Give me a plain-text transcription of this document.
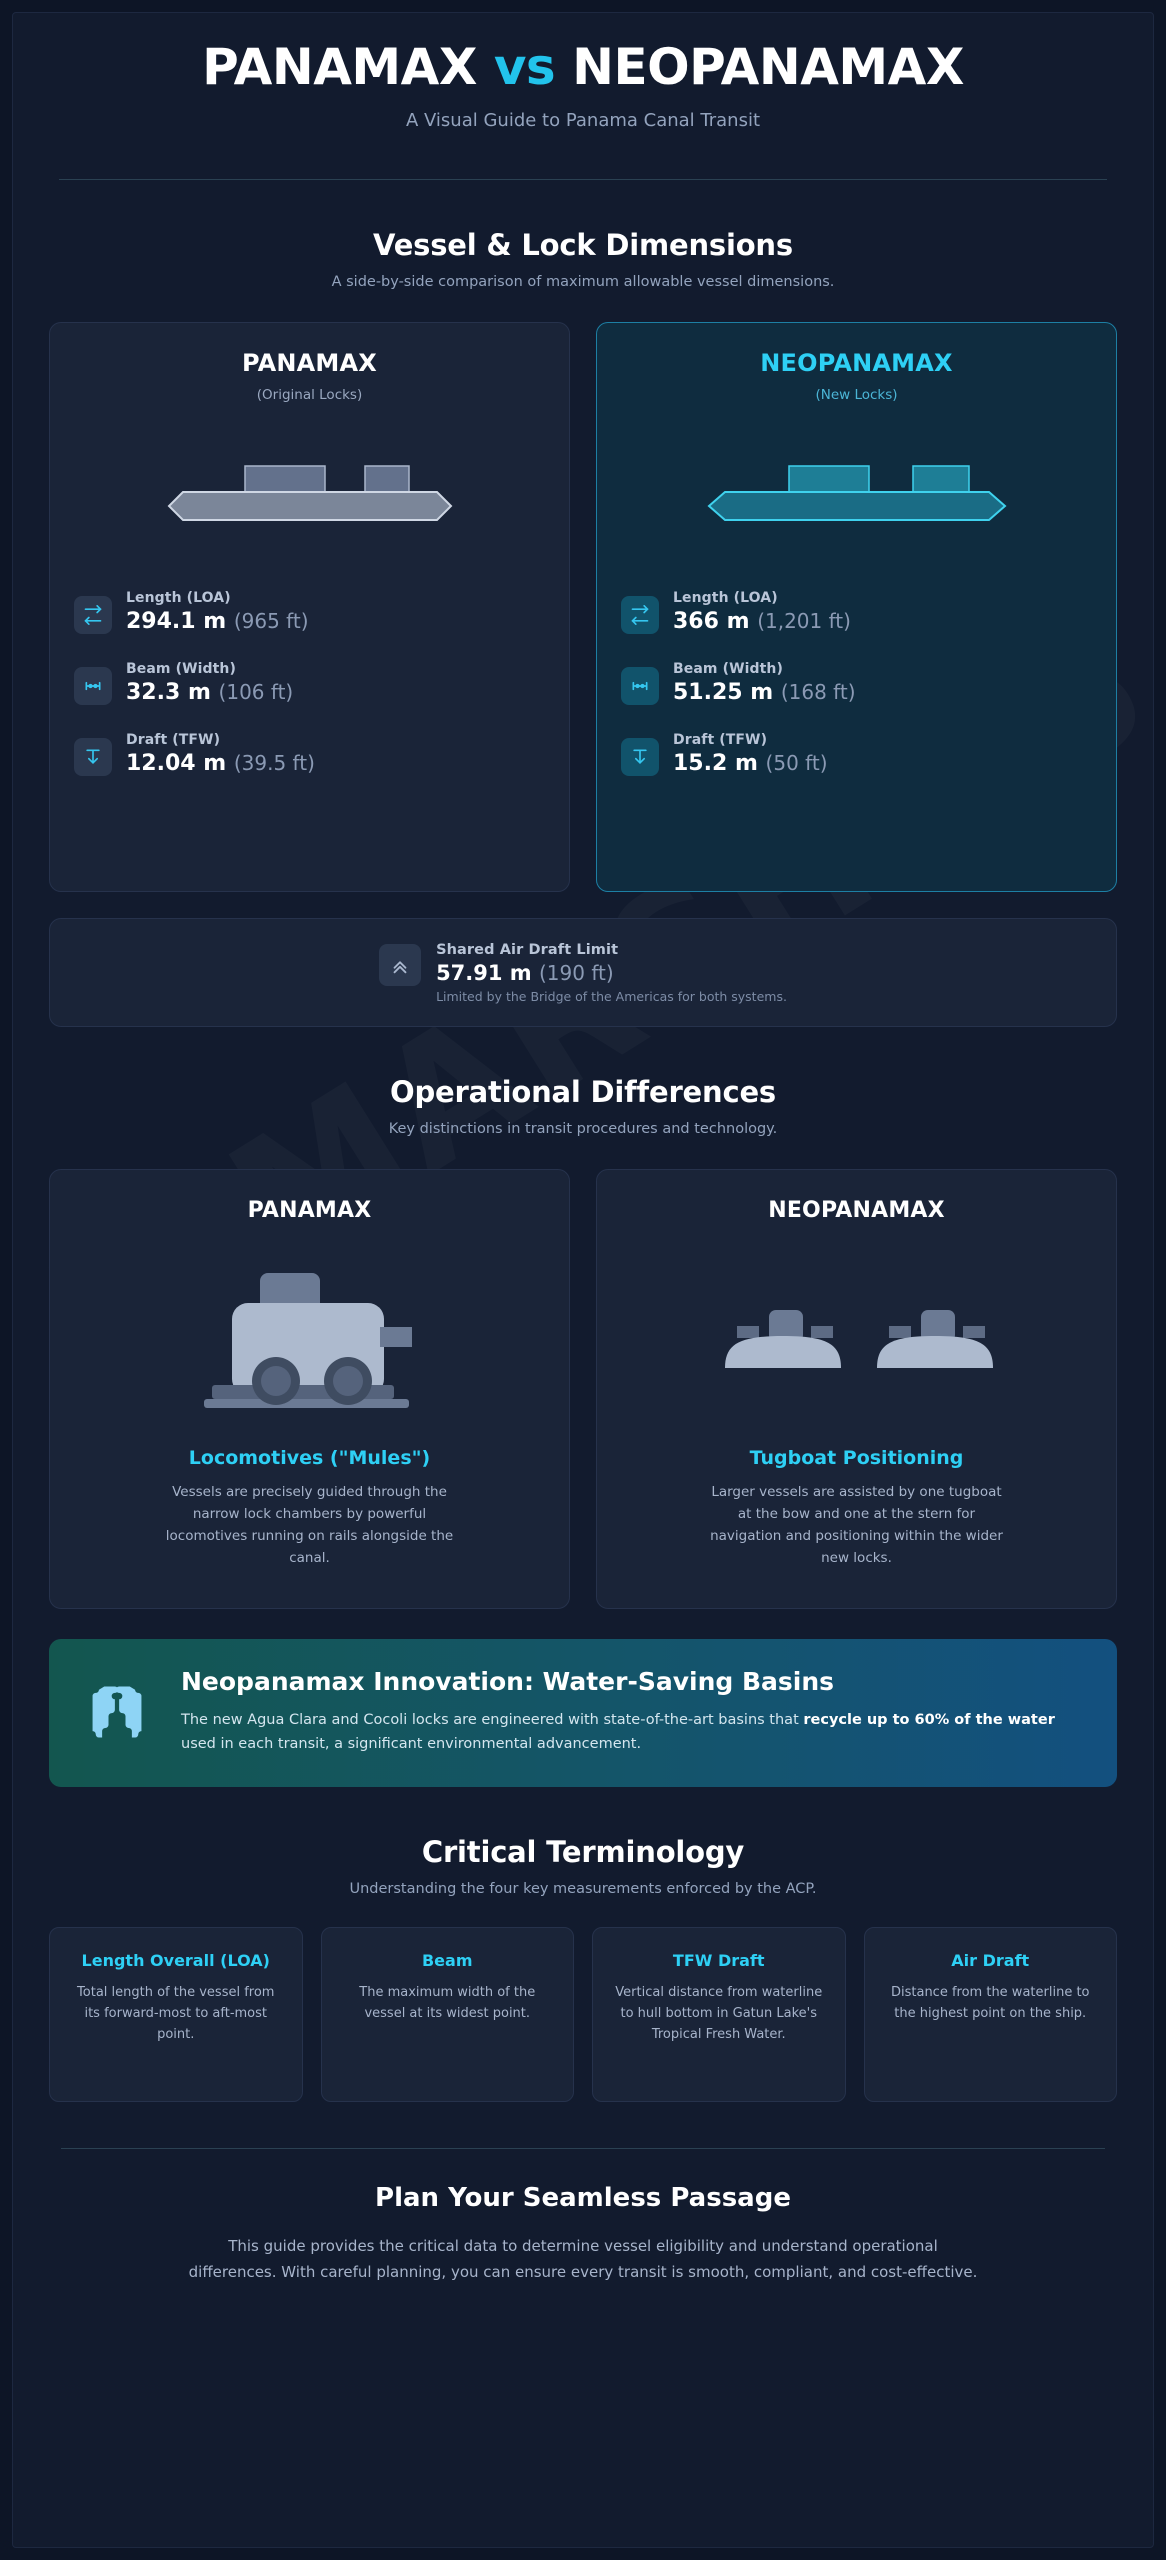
PANAMAX vs NEOPANAMAX
A Visual Guide to Panama Canal Transit
Vessel & Lock Dimensions
A side-by-side comparison of maximum allowable vessel dimensions.
PANAMAX
(Original Locks)
Length (LOA)
294.1 m (965 ft)
Beam (Width)
32.3 m (106 ft)
Draft (TFW)
12.04 m (39.5 ft)
NEOPANAMAX
(New Locks)
Length (LOA)
366 m (1,201 ft)
Beam (Width)
51.25 m (168 ft)
Draft (TFW)
15.2 m (50 ft)
Shared Air Draft Limit
57.91 m (190 ft)
Limited by the Bridge of the Americas for both systems.
Operational Differences
Key distinctions in transit procedures and technology.
PANAMAX
Locomotives ("Mules")

Vessels are precisely guided through the narrow lock chambers by powerful locomotives running on rails alongside the canal.

NEOPANAMAX
Tugboat Positioning

Larger vessels are assisted by one tugboat at the bow and one at the stern for navigation and positioning within the wider new locks.

Neopanamax Innovation: Water-Saving Basins

The new Agua Clara and Cocoli locks are engineered with state-of-the-art basins that recycle up to 60% of the water used in each transit, a significant environmental advancement.

Critical Terminology
Understanding the four key measurements enforced by the ACP.
Length Overall (LOA)

Total length of the vessel from its forward-most to aft-most point.

Beam

The maximum width of the vessel at its widest point.

TFW Draft

Vertical distance from waterline to hull bottom in Gatun Lake's Tropical Fresh Water.

Air Draft

Distance from the waterline to the highest point on the ship.

Plan Your Seamless Passage

This guide provides the critical data to determine vessel eligibility and understand operational differences. With careful planning, you can ensure every transit is smooth, compliant, and cost-effective.
